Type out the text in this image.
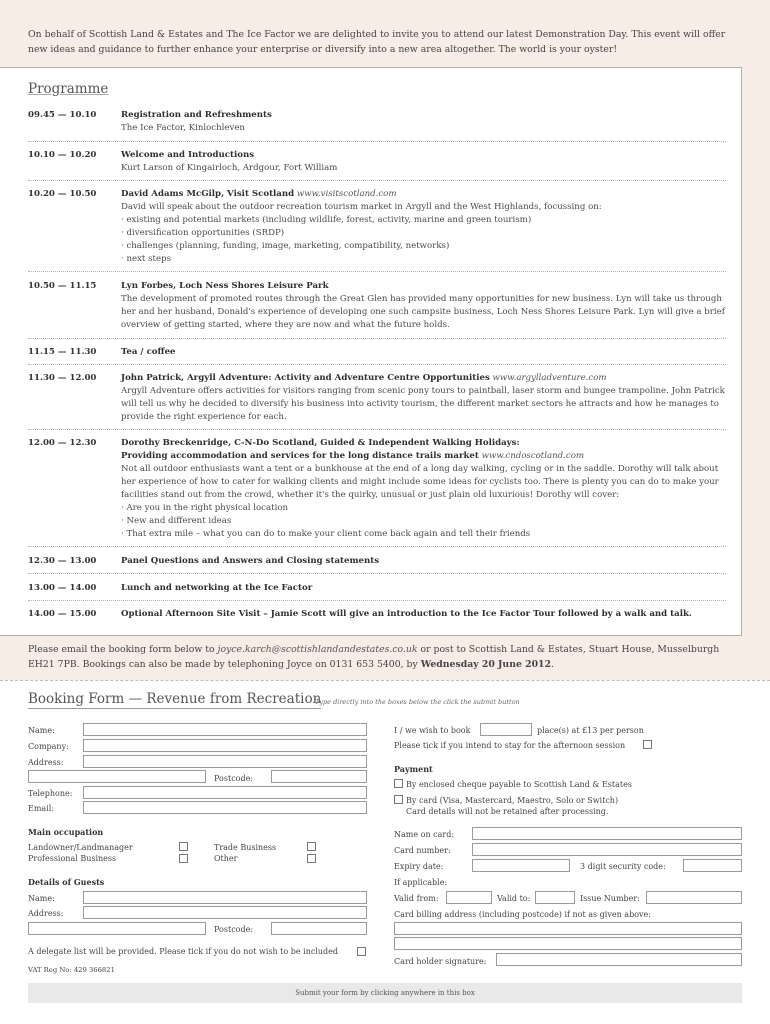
On behalf of Scottish Land & Estates and The Ice Factor we are delighted to invite you to attend our latest Demonstration Day. This event will offer new ideas and guidance to further enhance your enterprise or diversify into a new area altogether. The world is your oyster!
Programme
09.45 — 10.10	Registration and Refreshments
The Ice Factor, Kinlochleven
10.10 — 10.20	Welcome and Introductions
Kurt Larson of Kingairloch, Ardgour, Fort William
10.20 — 10.50	David Adams McGilp, Visit Scotland www.visitscotland.com
David will speak about the outdoor recreation tourism market in Argyll and the West Highlands, focussing on:
· existing and potential markets (including wildlife, forest, activity, marine and green tourism)
· diversification opportunities (SRDP)
· challenges (planning, funding, image, marketing, compatibility, networks)
· next steps
10.50 — 11.15	Lyn Forbes, Loch Ness Shores Leisure Park
The development of promoted routes through the Great Glen has provided many opportunities for new business. Lyn will take us through her and her husband, Donald's experience of developing one such campsite business, Loch Ness Shores Leisure Park. Lyn will give a brief overview of getting started, where they are now and what the future holds.
11.15 — 11.30	Tea / coffee
11.30 — 12.00	John Patrick, Argyll Adventure: Activity and Adventure Centre Opportunities www.argylladventure.com
Argyll Adventure offers activities for visitors ranging from scenic pony tours to paintball, laser storm and bungee trampoline. John Patrick will tell us why he decided to diversify his business into activity tourism, the different market sectors he attracts and how he manages to provide the right experience for each.
12.00 — 12.30	Dorothy Breckenridge, C-N-Do Scotland, Guided & Independent Walking Holidays:
Providing accommodation and services for the long distance trails market www.cndoscotland.com
Not all outdoor enthusiasts want a tent or a bunkhouse at the end of a long day walking, cycling or in the saddle. Dorothy will talk about her experience of how to cater for walking clients and might include some ideas for cyclists too. There is plenty you can do to make your facilities stand out from the crowd, whether it's the quirky, unusual or just plain old luxurious! Dorothy will cover:
· Are you in the right physical location
· New and different ideas
· That extra mile – what you can do to make your client come back again and tell their friends
12.30 — 13.00	Panel Questions and Answers and Closing statements
13.00 — 14.00	Lunch and networking at the Ice Factor
14.00 — 15.00	Optional Afternoon Site Visit – Jamie Scott will give an introduction to the Ice Factor Tour followed by a walk and talk.
Please email the booking form below to joyce.karch@scottishlandandestates.co.uk or post to Scottish Land & Estates, Stuart House, Musselburgh EH21 7PB. Bookings can also be made by telephoning Joyce on 0131 653 5400, by Wednesday 20 June 2012.
Booking Form — Revenue from Recreation
Type directly into the boxes below the click the submit button
Name:
Company:
Address:
Postcode:
Telephone:
Email:
Main occupation
Landowner/Landmanager
Professional Business
Trade Business
Other
Details of Guests
Name:
Address:
Postcode:
A delegate list will be provided. Please tick if you do not wish to be included
VAT Reg No: 429 366821
I / we wish to book	place(s) at £13 per person
Please tick if you intend to stay for the afternoon session
Payment
By enclosed cheque payable to Scottish Land & Estates
By card (Visa, Mastercard, Maestro, Solo or Switch)
Card details will not be retained after processing.
Name on card:
Card number:
Expiry date:	3 digit security code:
If applicable:
Valid from:	Valid to:	Issue Number:
Card billing address (including postcode) if not as given above:
Card holder signature:
Submit your form by clicking anywhere in this box
